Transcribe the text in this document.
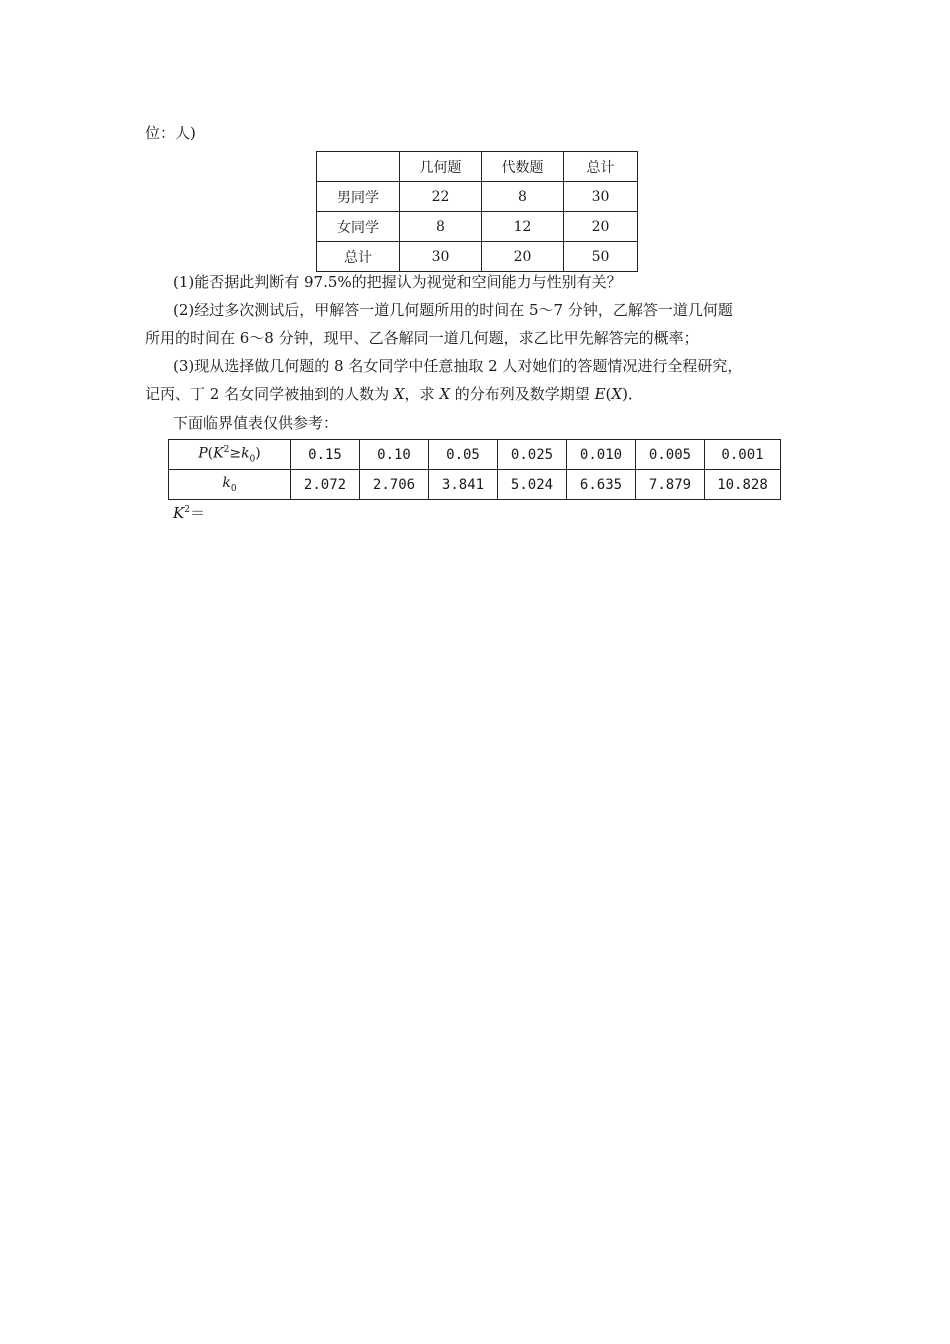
位：人)
	几何题	代数题	总计
男同学	22	8	30
女同学	8	12	20
总计	30	20	50
(1)能否据此判断有 97.5%的把握认为视觉和空间能力与性别有关？
(2)经过多次测试后，甲解答一道几何题所用的时间在 5～7 分钟，乙解答一道几何题
所用的时间在 6～8 分钟，现甲、乙各解同一道几何题，求乙比甲先解答完的概率；
(3)现从选择做几何题的 8 名女同学中任意抽取 2 人对她们的答题情况进行全程研究，
记丙、丁 2 名女同学被抽到的人数为 X，求 X 的分布列及数学期望 E(X)．
下面临界值表仅供参考：
$P(K^2\ge k_0)$	0.15	0.10	0.05	0.025	0.010	0.005	0.001
$k_0$	2.072	2.706	3.841	5.024	6.635	7.879	10.828
$K^2=$
